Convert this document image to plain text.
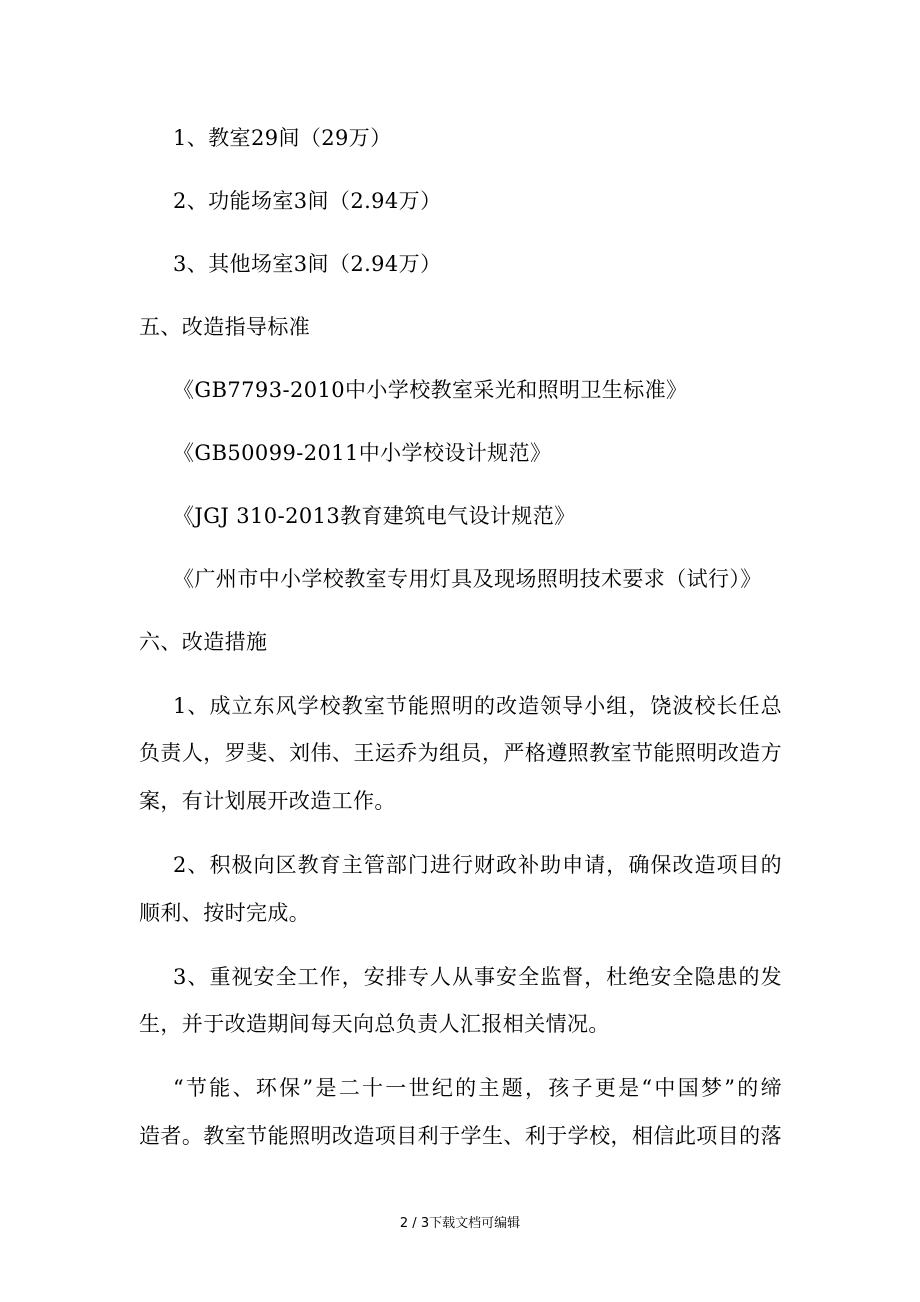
1、教室29间（29万）
2、功能场室3间（2.94万）
3、其他场室3间（2.94万）
五、改造指导标准
《GB7793-2010中小学校教室采光和照明卫生标准》
《GB50099-2011中小学校设计规范》
《JGJ 310-2013教育建筑电气设计规范》
《广州市中小学校教室专用灯具及现场照明技术要求（试行）》
六、改造措施
1、成立东风学校教室节能照明的改造领导小组，饶波校长任总
负责人，罗斐、刘伟、王运乔为组员，严格遵照教室节能照明改造方
案，有计划展开改造工作。
2、积极向区教育主管部门进行财政补助申请，确保改造项目的
顺利、按时完成。
3、重视安全工作，安排专人从事安全监督，杜绝安全隐患的发
生，并于改造期间每天向总负责人汇报相关情况。
“节能、环保”是二十一世纪的主题，孩子更是“中国梦”的缔
造者。教室节能照明改造项目利于学生、利于学校，相信此项目的落
2 / 3下载文档可编辑
